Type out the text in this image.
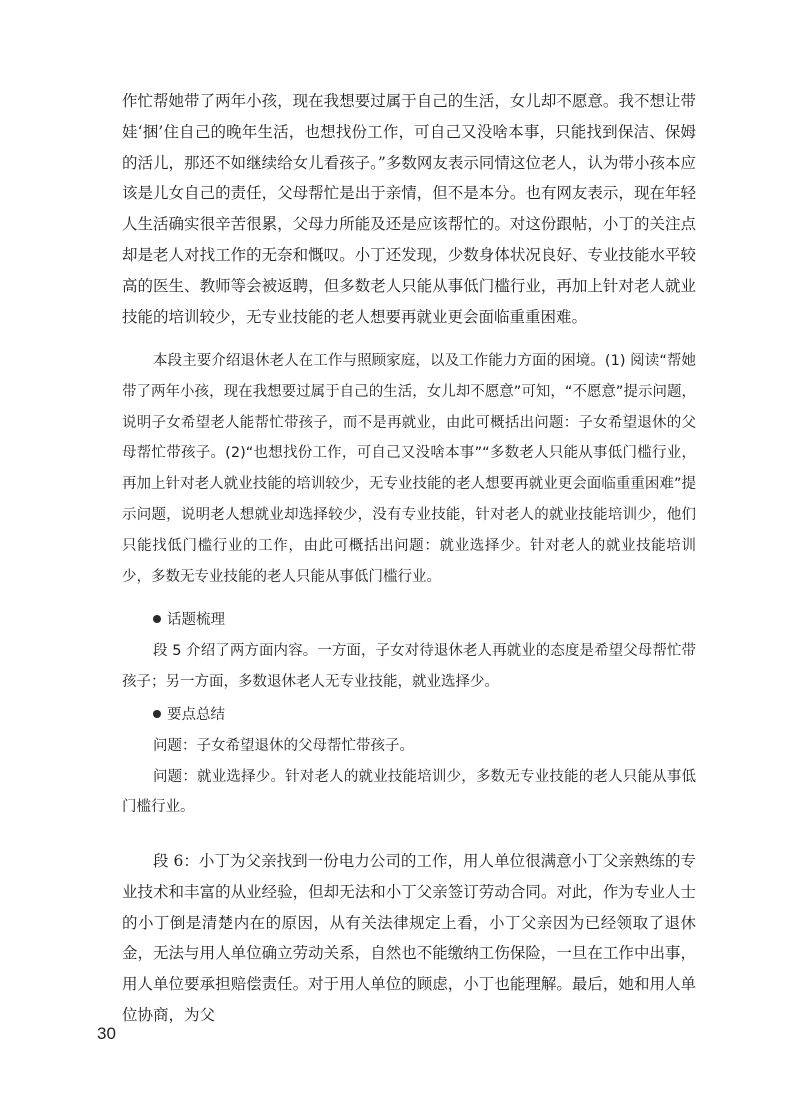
作忙帮她带了两年小孩，现在我想要过属于自己的生活，女儿却不愿意。我不想让带娃‘捆’住自己的晚年生活，也想找份工作，可自己又没啥本事，只能找到保洁、保姆的活儿，那还不如继续给女儿看孩子。”多数网友表示同情这位老人，认为带小孩本应该是儿女自己的责任，父母帮忙是出于亲情，但不是本分。也有网友表示，现在年轻人生活确实很辛苦很累，父母力所能及还是应该帮忙的。对这份跟帖，小丁的关注点却是老人对找工作的无奈和慨叹。小丁还发现，少数身体状况良好、专业技能水平较高的医生、教师等会被返聘，但多数老人只能从事低门槛行业，再加上针对老人就业技能的培训较少，无专业技能的老人想要再就业更会面临重重困难。

本段主要介绍退休老人在工作与照顾家庭，以及工作能力方面的困境。(1) 阅读“帮她带了两年小孩，现在我想要过属于自己的生活，女儿却不愿意”可知，“不愿意”提示问题，说明子女希望老人能帮忙带孩子，而不是再就业，由此可概括出问题：子女希望退休的父母帮忙带孩子。(2)“也想找份工作，可自己又没啥本事”“多数老人只能从事低门槛行业，再加上针对老人就业技能的培训较少，无专业技能的老人想要再就业更会面临重重困难”提示问题，说明老人想就业却选择较少，没有专业技能，针对老人的就业技能培训少，他们只能找低门槛行业的工作，由此可概括出问题：就业选择少。针对老人的就业技能培训少，多数无专业技能的老人只能从事低门槛行业。

话题梳理

段 5 介绍了两方面内容。一方面，子女对待退休老人再就业的态度是希望父母帮忙带孩子；另一方面，多数退休老人无专业技能，就业选择少。

要点总结

问题：子女希望退休的父母帮忙带孩子。

问题：就业选择少。针对老人的就业技能培训少，多数无专业技能的老人只能从事低门槛行业。

段 6：小丁为父亲找到一份电力公司的工作，用人单位很满意小丁父亲熟练的专业技术和丰富的从业经验，但却无法和小丁父亲签订劳动合同。对此，作为专业人士的小丁倒是清楚内在的原因，从有关法律规定上看，小丁父亲因为已经领取了退休金，无法与用人单位确立劳动关系，自然也不能缴纳工伤保险，一旦在工作中出事，用人单位要承担赔偿责任。对于用人单位的顾虑，小丁也能理解。最后，她和用人单位协商，为父

30
